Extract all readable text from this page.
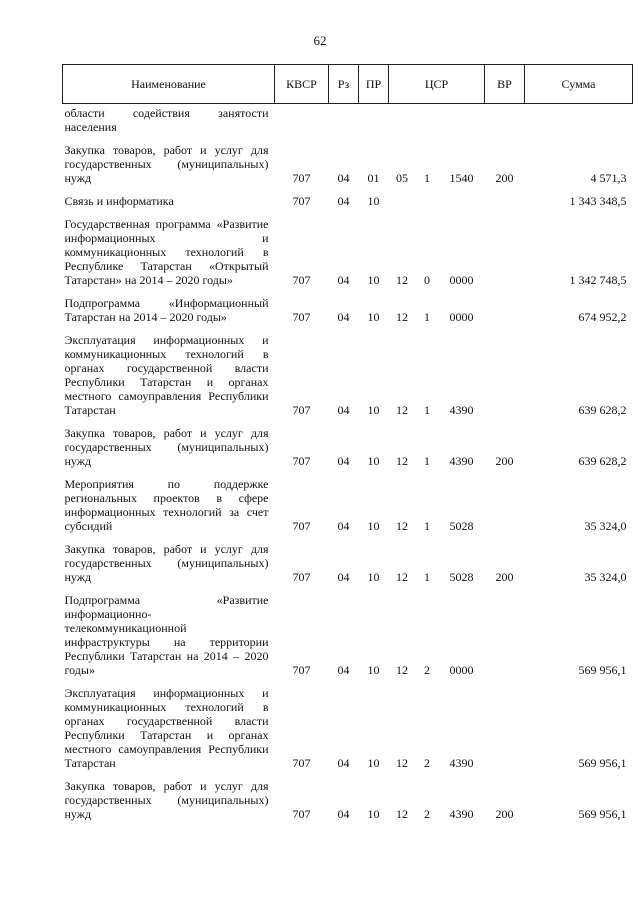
62
Наименование	КВСР	Рз	ПР	ЦСР			ВР	Сумма
области содействия занятости населения								

Закупка товаров, работ и услуг для государственных (муниципальных) нужд	707	04	01	05	1	1540	200	4 571,3

Связь и информатика	707	04	10					1 343 348,5

Государственная программа «Развитие информационных и коммуникационных технологий в Республике Татарстан «Открытый Татарстан» на 2014 – 2020 годы»	707	04	10	12	0	0000		1 342 748,5

Подпрограмма «Информационный Татарстан на 2014 – 2020 годы»	707	04	10	12	1	0000		674 952,2

Эксплуатация информационных и коммуникационных технологий в органах государственной власти Республики Татарстан и органах местного самоуправления Республики Татарстан	707	04	10	12	1	4390		639 628,2

Закупка товаров, работ и услуг для государственных (муниципальных) нужд	707	04	10	12	1	4390	200	639 628,2

Мероприятия по поддержке региональных проектов в сфере информационных технологий за счет субсидий	707	04	10	12	1	5028		35 324,0

Закупка товаров, работ и услуг для государственных (муниципальных) нужд	707	04	10	12	1	5028	200	35 324,0

Подпрограмма «Развитие информационно-телекоммуникационной инфраструктуры на территории Республики Татарстан на 2014 – 2020 годы»	707	04	10	12	2	0000		569 956,1

Эксплуатация информационных и коммуникационных технологий в органах государственной власти Республики Татарстан и органах местного самоуправления Республики Татарстан	707	04	10	12	2	4390		569 956,1

Закупка товаров, работ и услуг для государственных (муниципальных) нужд	707	04	10	12	2	4390	200	569 956,1
